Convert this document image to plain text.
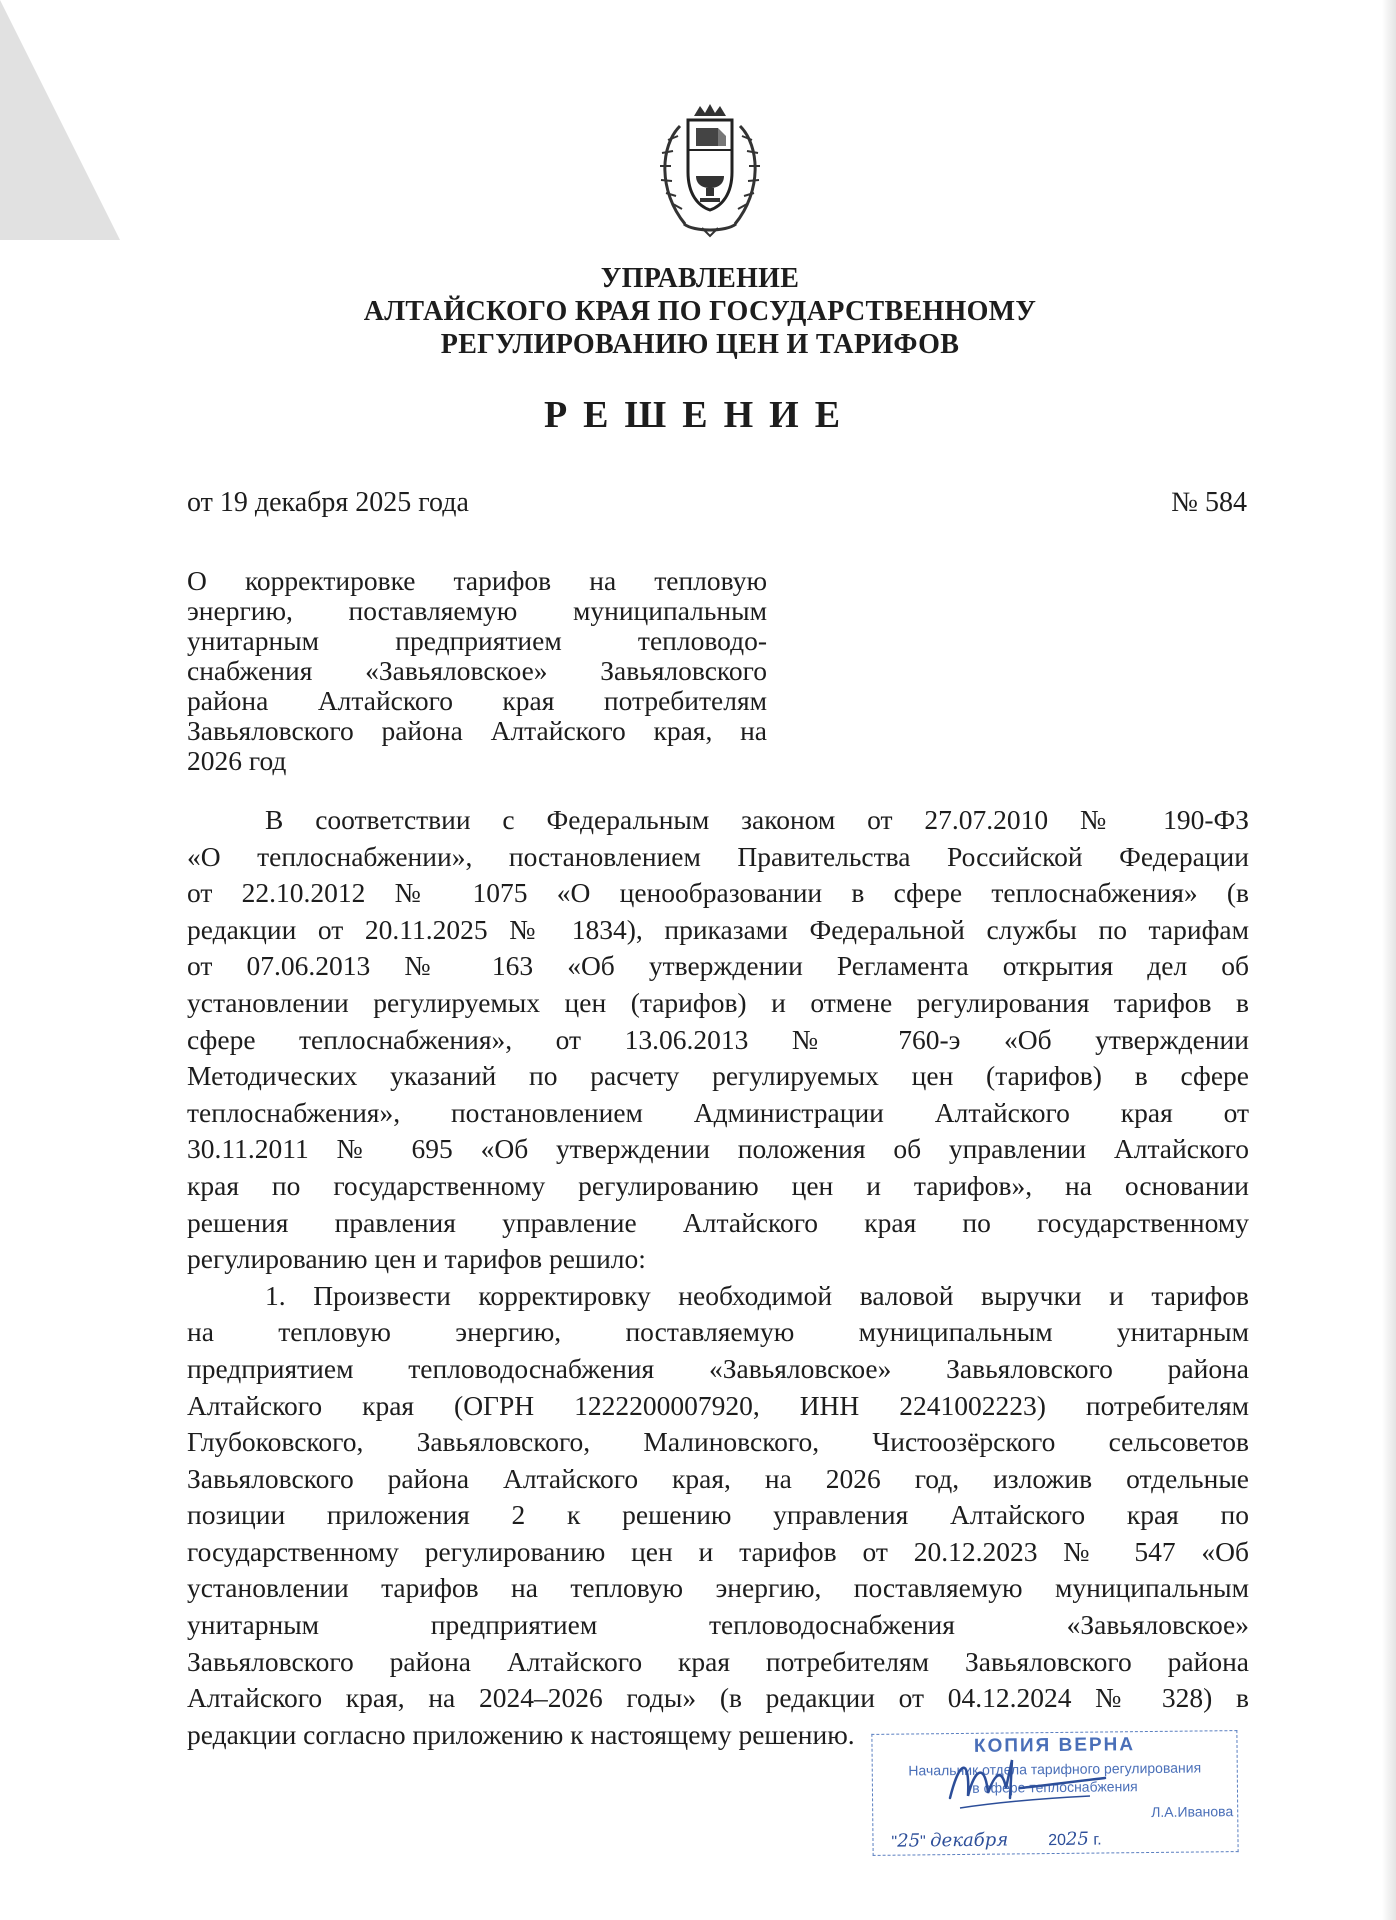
УПРАВЛЕНИЕ
АЛТАЙСКОГО КРАЯ ПО ГОСУДАРСТВЕННОМУ
РЕГУЛИРОВАНИЮ ЦЕН И ТАРИФОВ
РЕШЕНИЕ
от 19 декабря 2025 года	№ 584
О корректировке тарифов на тепловую
энергию, поставляемую муниципальным
унитарным предприятием тепловодо-
снабжения «Завьяловское» Завьяловского
района Алтайского края потребителям
Завьяловского района Алтайского края, на
2026 год
В соответствии с Федеральным законом от 27.07.2010 № 190-ФЗ
«О теплоснабжении», постановлением Правительства Российской Федерации
от 22.10.2012 № 1075 «О ценообразовании в сфере теплоснабжения» (в
редакции от 20.11.2025 № 1834), приказами Федеральной службы по тарифам
от 07.06.2013 № 163 «Об утверждении Регламента открытия дел об
установлении регулируемых цен (тарифов) и отмене регулирования тарифов в
сфере теплоснабжения», от 13.06.2013 № 760-э «Об утверждении
Методических указаний по расчету регулируемых цен (тарифов) в сфере
теплоснабжения», постановлением Администрации Алтайского края от
30.11.2011 № 695 «Об утверждении положения об управлении Алтайского
края по государственному регулированию цен и тарифов», на основании
решения правления управление Алтайского края по государственному
регулированию цен и тарифов решило:
1. Произвести корректировку необходимой валовой выручки и тарифов
на тепловую энергию, поставляемую муниципальным унитарным
предприятием тепловодоснабжения «Завьяловское» Завьяловского района
Алтайского края (ОГРН 1222200007920, ИНН 2241002223) потребителям
Глубоковского, Завьяловского, Малиновского, Чистоозёрского сельсоветов
Завьяловского района Алтайского края, на 2026 год, изложив отдельные
позиции приложения 2 к решению управления Алтайского края по
государственному регулированию цен и тарифов от 20.12.2023 № 547 «Об
установлении тарифов на тепловую энергию, поставляемую муниципальным
унитарным предприятием тепловодоснабжения «Завьяловское»
Завьяловского района Алтайского края потребителям Завьяловского района
Алтайского края, на 2024–2026 годы» (в редакции от 04.12.2024 № 328) в
редакции согласно приложению к настоящему решению.	КОПИЯ ВЕРНА
Начальник отдела тарифного регулирования
в сфере теплоснабжения
Л.А.Иванова
"25" декабря 2025 г.
